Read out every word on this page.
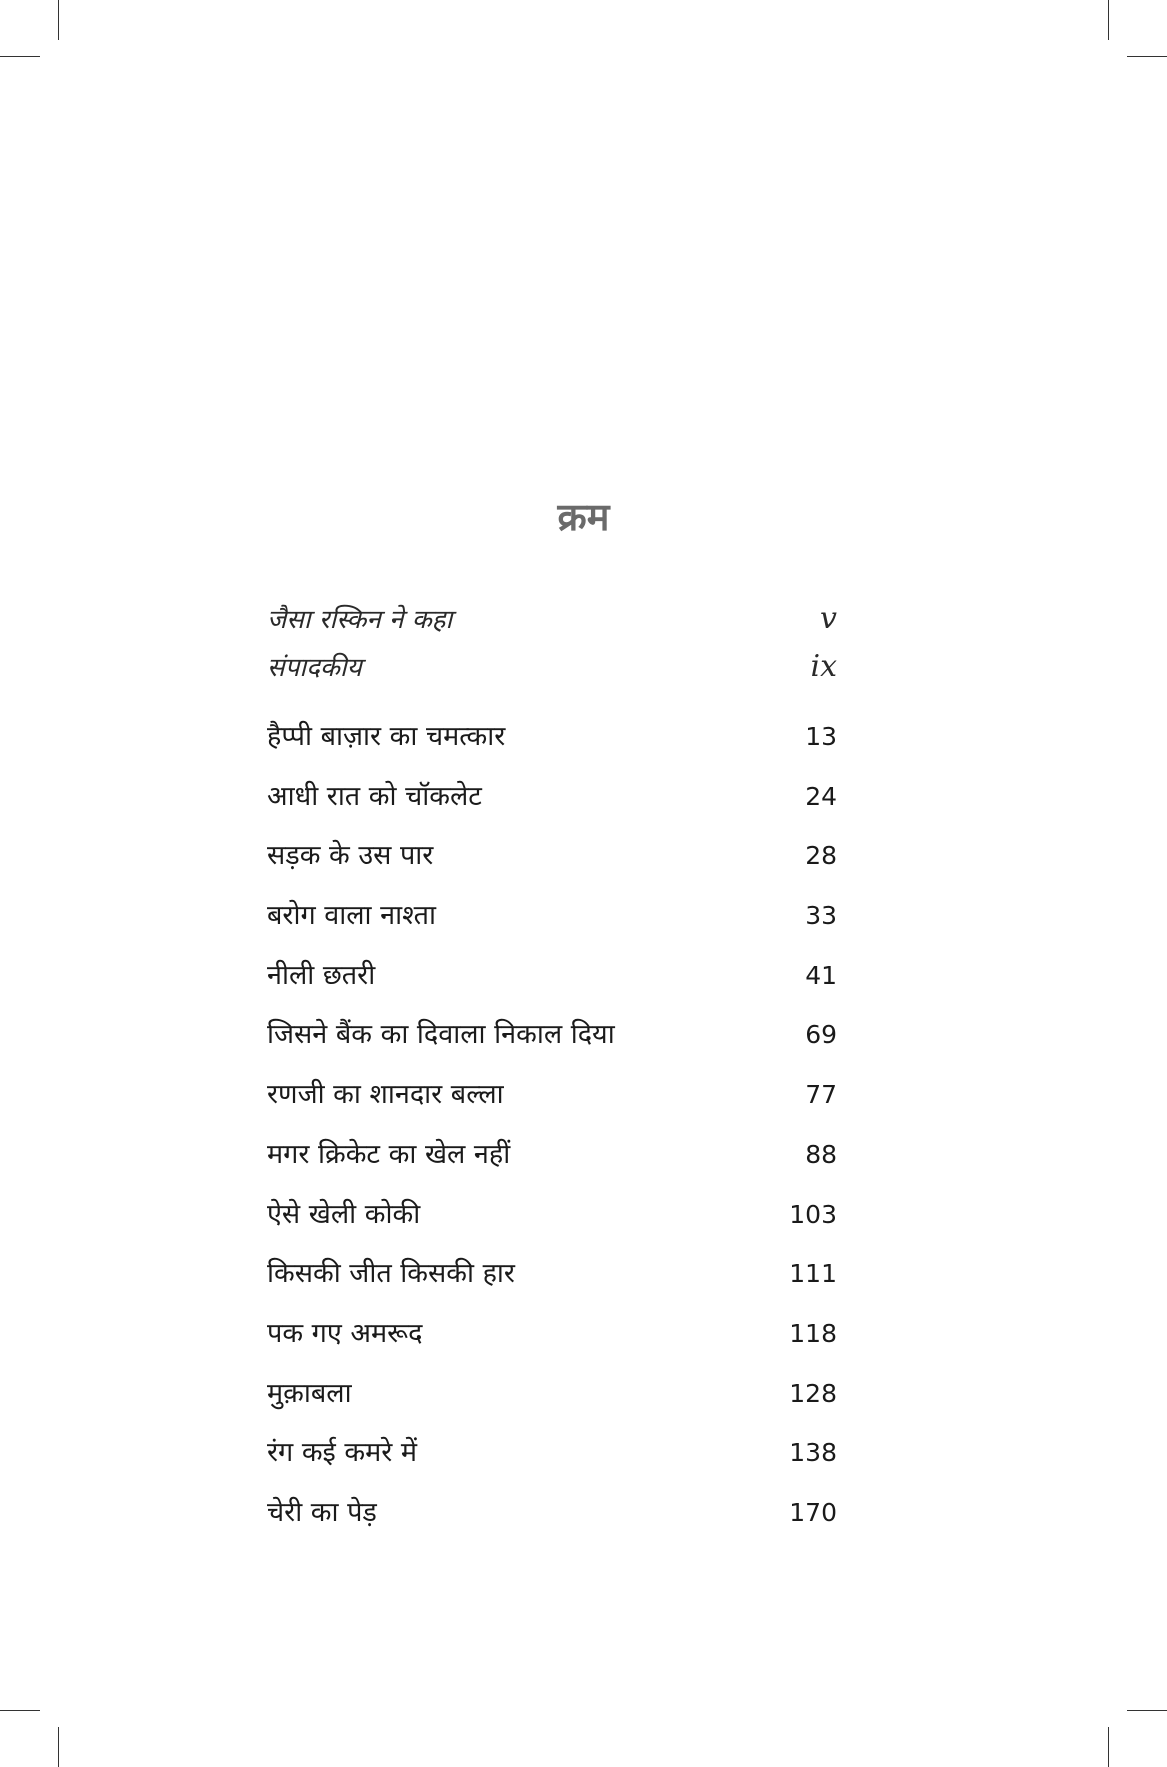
क्रम
जैसा रस्किन ने कहा	v
संपादकीय	ix
हैप्पी बाज़ार का चमत्कार	13
आधी रात को चॉकलेट	24
सड़क के उस पार	28
बरोग वाला नाश्ता	33
नीली छतरी	41
जिसने बैंक का दिवाला निकाल दिया	69
रणजी का शानदार बल्ला	77
मगर क्रिकेट का खेल नहीं	88
ऐसे खेली कोकी	103
किसकी जीत किसकी हार	111
पक गए अमरूद	118
मुक़ाबला	128
रंग कई कमरे में	138
चेरी का पेड़	170
